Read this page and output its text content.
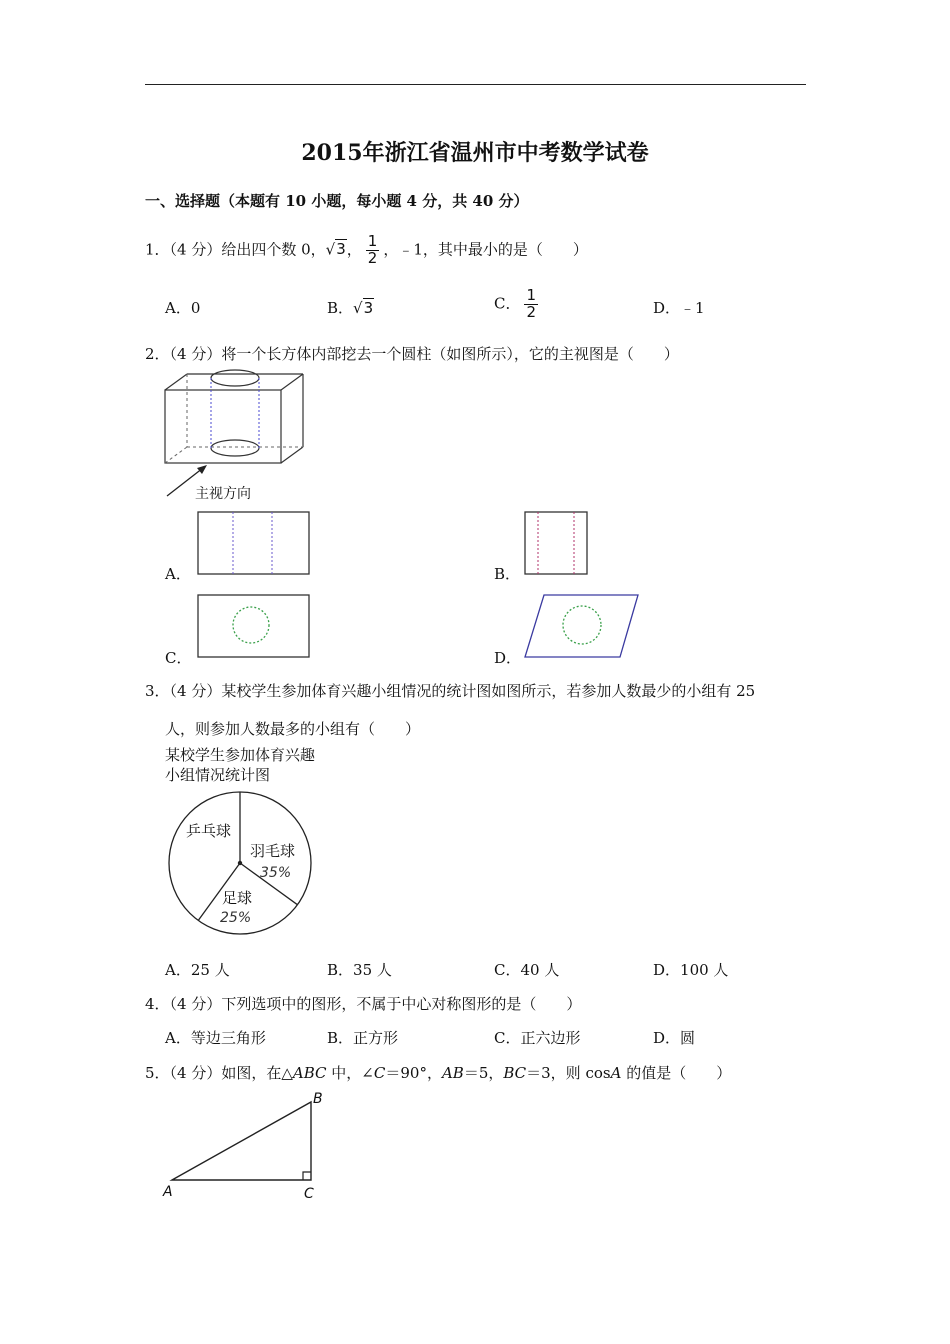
2015年浙江省温州市中考数学试卷
一、选择题（本题有 10 小题，每小题 4 分，共 40 分）
1．（4 分）给出四个数 0，√3， $\frac{1}{2}$ ，﹣1，其中最小的是（　　）
A．0	B．√3	C． $\frac{1}{2}$	D．﹣1
2．（4 分）将一个长方体内部挖去一个圆柱（如图所示），它的主视图是（　　）
主视方向
A．	B．
C．	D．
3．（4 分）某校学生参加体育兴趣小组情况的统计图如图所示，若参加人数最少的小组有 25
人，则参加人数最多的小组有（　　）
某校学生参加体育兴趣
小组情况统计图
乒乓球
羽毛球
35%
足球
25%
A．25 人	B．35 人	C．40 人	D．100 人
4．（4 分）下列选项中的图形，不属于中心对称图形的是（　　）
A．等边三角形	B．正方形	C．正六边形	D．圆
5．（4 分）如图，在△ABC 中，∠C＝90°，AB＝5，BC＝3，则 cosA 的值是（　　）
A
B
C
